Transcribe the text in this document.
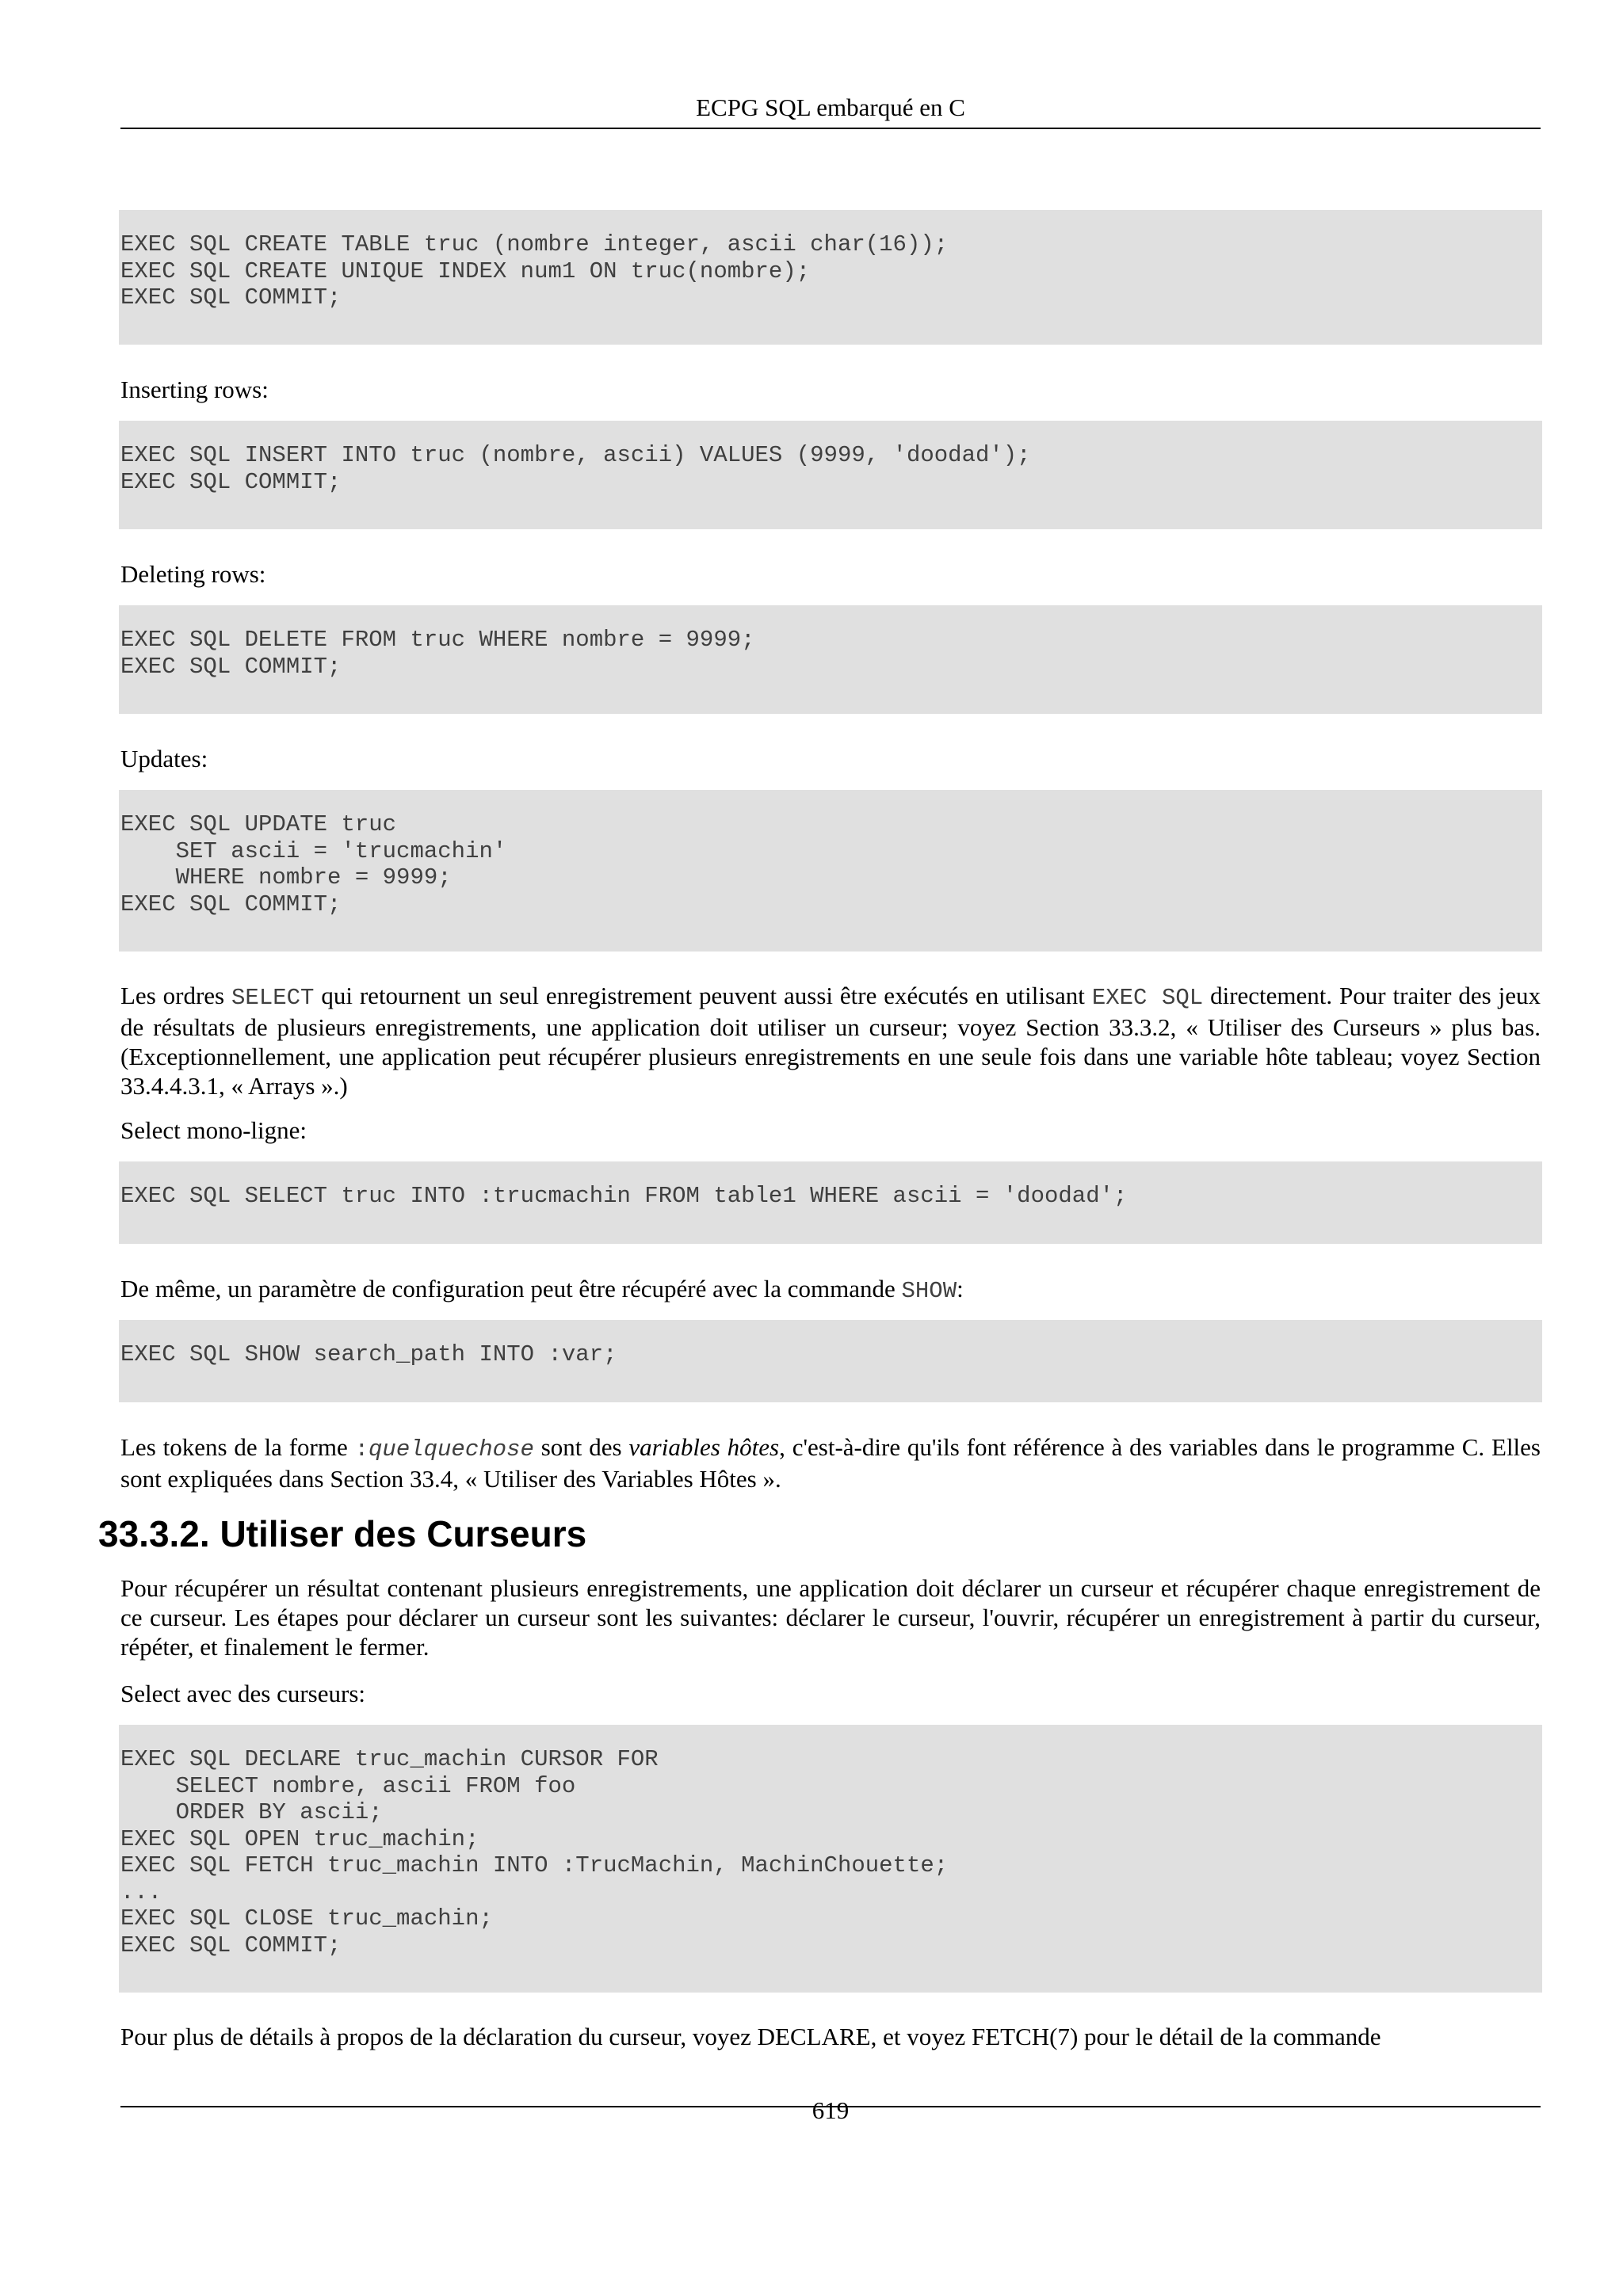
ECPG SQL embarqué en C
EXEC SQL CREATE TABLE truc (nombre integer, ascii char(16));
EXEC SQL CREATE UNIQUE INDEX num1 ON truc(nombre);
EXEC SQL COMMIT;

Inserting rows:

EXEC SQL INSERT INTO truc (nombre, ascii) VALUES (9999, 'doodad');
EXEC SQL COMMIT;

Deleting rows:

EXEC SQL DELETE FROM truc WHERE nombre = 9999;
EXEC SQL COMMIT;

Updates:

EXEC SQL UPDATE truc
SET ascii = 'trucmachin'
WHERE nombre = 9999;
EXEC SQL COMMIT;

Les ordres SELECT qui retournent un seul enregistrement peuvent aussi être exécutés en utilisant EXEC SQL directement. Pour traiter des jeux de résultats de plusieurs enregistrements, une application doit utiliser un curseur; voyez Section 33.3.2, « Utiliser des Curseurs » plus bas. (Exceptionnellement, une application peut récupérer plusieurs enregistrements en une seule fois dans une variable hôte tableau; voyez Section 33.4.4.3.1, « Arrays ».)

Select mono-ligne:

EXEC SQL SELECT truc INTO :trucmachin FROM table1 WHERE ascii = 'doodad';

De même, un paramètre de configuration peut être récupéré avec la commande SHOW:

EXEC SQL SHOW search_path INTO :var;

Les tokens de la forme :quelquechose sont des variables hôtes, c'est-à-dire qu'ils font référence à des variables dans le programme C. Elles sont expliquées dans Section 33.4, « Utiliser des Variables Hôtes ».

33.3.2. Utiliser des Curseurs

Pour récupérer un résultat contenant plusieurs enregistrements, une application doit déclarer un curseur et récupérer chaque enregistrement de ce curseur. Les étapes pour déclarer un curseur sont les suivantes: déclarer le curseur, l'ouvrir, récupérer un enregistrement à partir du curseur, répéter, et finalement le fermer.

Select avec des curseurs:

EXEC SQL DECLARE truc_machin CURSOR FOR
SELECT nombre, ascii FROM foo
ORDER BY ascii;
EXEC SQL OPEN truc_machin;
EXEC SQL FETCH truc_machin INTO :TrucMachin, MachinChouette;
...
EXEC SQL CLOSE truc_machin;
EXEC SQL COMMIT;

Pour plus de détails à propos de la déclaration du curseur, voyez DECLARE, et voyez FETCH(7) pour le détail de la commande

619
